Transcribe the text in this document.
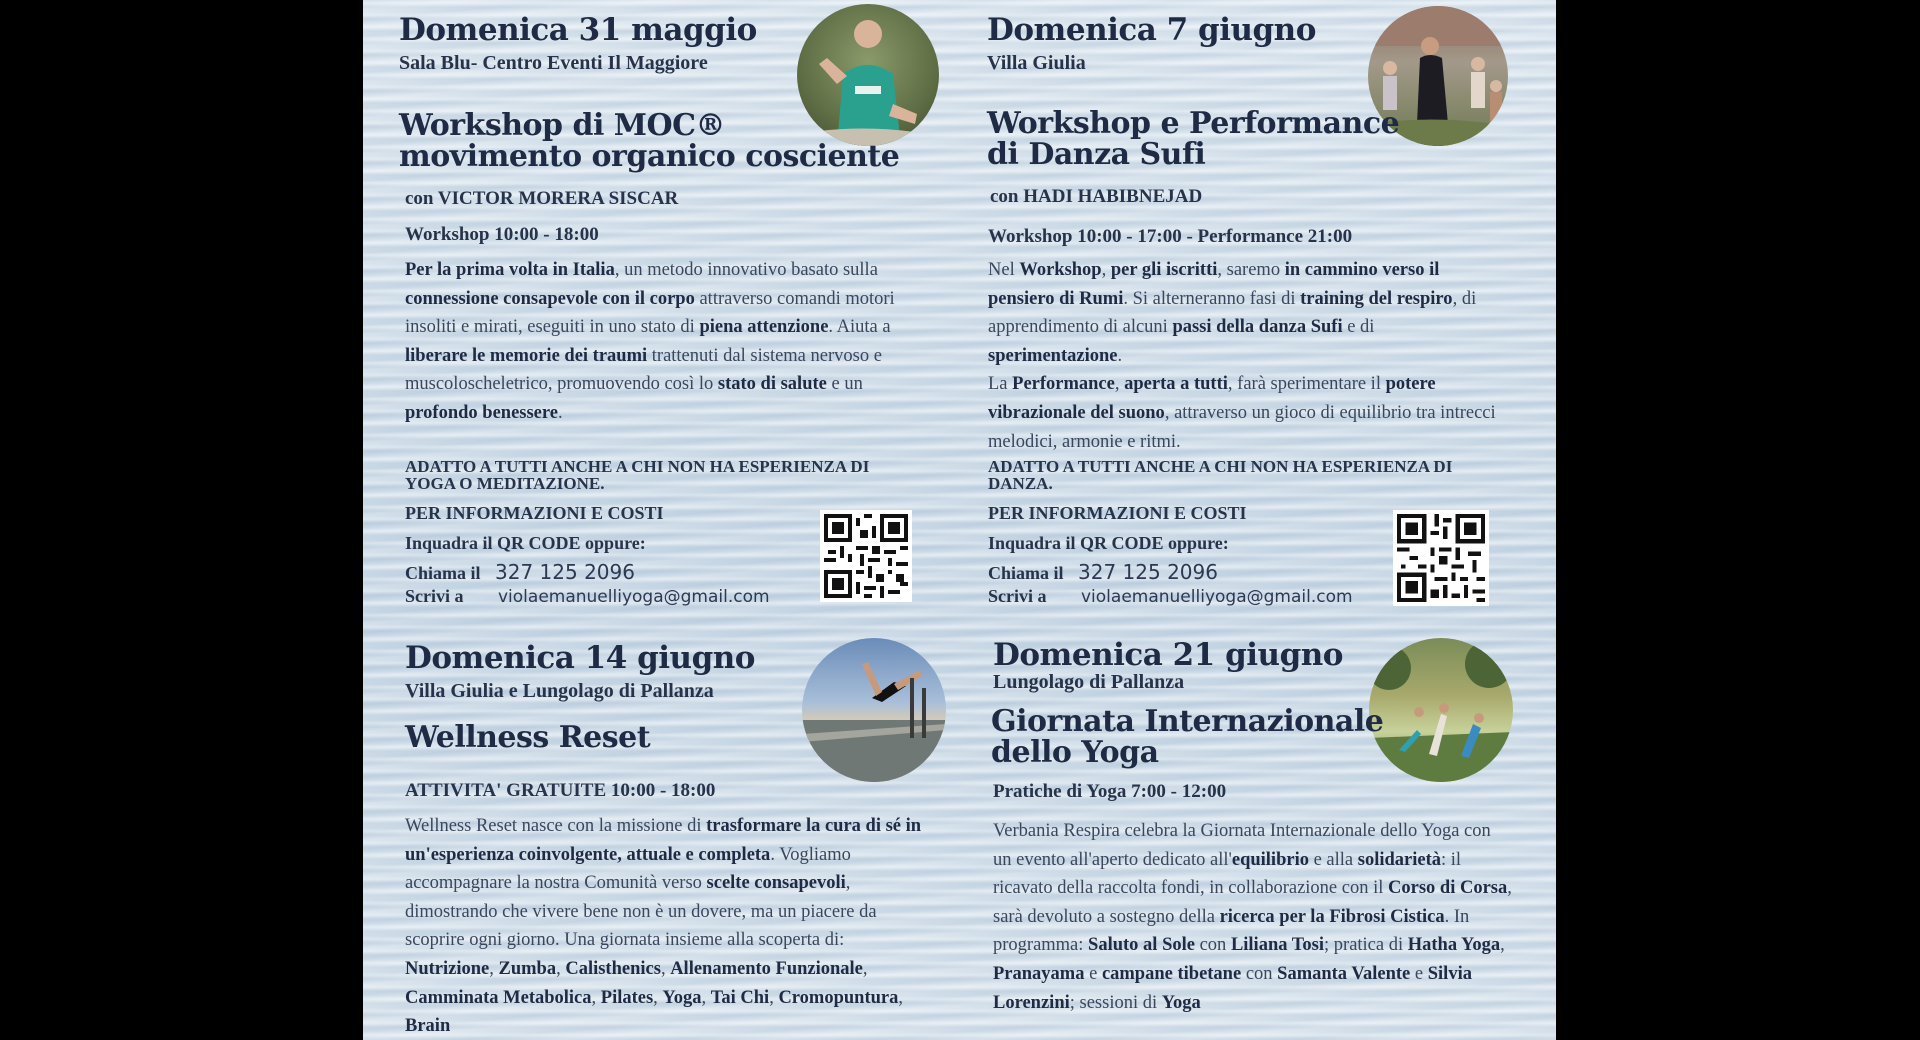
Domenica 31 maggio
Sala Blu- Centro Eventi Il Maggiore
Workshop di MOC®
movimento organico cosciente
con VICTOR MORERA SISCAR
Workshop 10:00 - 18:00
Per la prima volta in Italia, un metodo innovativo basato sulla connessione consapevole con il corpo attraverso comandi motori insoliti e mirati, eseguiti in uno stato di piena attenzione. Aiuta a liberare le memorie dei traumi trattenuti dal sistema nervoso e muscoloscheletrico, promuovendo così lo stato di salute e un profondo benessere.
ADATTO A TUTTI ANCHE A CHI NON HA ESPERIENZA DI YOGA O MEDITAZIONE.
PER INFORMAZIONI E COSTI
Inquadra il QR CODE oppure:
Chiama il 327 125 2096
Scrivi a violaemanuelliyoga@gmail.com
Domenica 7 giugno
Villa Giulia
Workshop e Performance
di Danza Sufi
con HADI HABIBNEJAD
Workshop 10:00 - 17:00 - Performance 21:00
Nel Workshop, per gli iscritti, saremo in cammino verso il pensiero di Rumi. Si alterneranno fasi di training del respiro, di apprendimento di alcuni passi della danza Sufi e di sperimentazione.
La Performance, aperta a tutti, farà sperimentare il potere vibrazionale del suono, attraverso un gioco di equilibrio tra intrecci melodici, armonie e ritmi.
ADATTO A TUTTI ANCHE A CHI NON HA ESPERIENZA DI DANZA.
PER INFORMAZIONI E COSTI
Inquadra il QR CODE oppure:
Chiama il 327 125 2096
Scrivi a violaemanuelliyoga@gmail.com
Domenica 14 giugno
Villa Giulia e Lungolago di Pallanza
Wellness Reset
ATTIVITA' GRATUITE 10:00 - 18:00
Wellness Reset nasce con la missione di trasformare la cura di sé in un'esperienza coinvolgente, attuale e completa. Vogliamo accompagnare la nostra Comunità verso scelte consapevoli, dimostrando che vivere bene non è un dovere, ma un piacere da scoprire ogni giorno. Una giornata insieme alla scoperta di: Nutrizione, Zumba, Calisthenics, Allenamento Funzionale, Camminata Metabolica, Pilates, Yoga, Tai Chi, Cromopuntura, Brain
Domenica 21 giugno
Lungolago di Pallanza
Giornata Internazionale
dello Yoga
Pratiche di Yoga 7:00 - 12:00
Verbania Respira celebra la Giornata Internazionale dello Yoga con un evento all'aperto dedicato all'equilibrio e alla solidarietà: il ricavato della raccolta fondi, in collaborazione con il Corso di Corsa, sarà devoluto a sostegno della ricerca per la Fibrosi Cistica. In programma: Saluto al Sole con Liliana Tosi; pratica di Hatha Yoga, Pranayama e campane tibetane con Samanta Valente e Silvia Lorenzini; sessioni di Yoga
